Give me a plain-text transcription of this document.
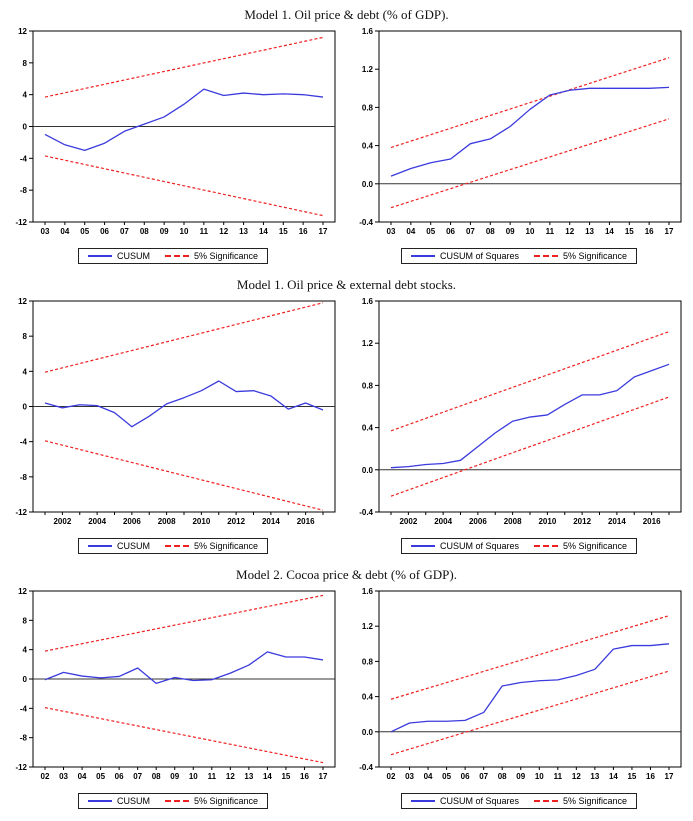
Model 1. Oil price & debt (% of GDP).
12
8
4
0
-4
-8
-12
03 04 05 06 07 08 09 10 11 12 13 14 15 16 17
CUSUM	5% Significance
1.6
1.2
0.8
0.4
0.0
-0.4
03 04 05 06 07 08 09 10 11 12 13 14 15 16 17
CUSUM of Squares	5% Significance
Model 1. Oil price & external debt stocks.
12
8
4
0
-4
-8
-12
2002 2004 2006 2008 2010 2012 2014 2016
CUSUM	5% Significance
1.6
1.2
0.8
0.4
0.0
-0.4
2002 2004 2006 2008 2010 2012 2014 2016
CUSUM of Squares	5% Significance
Model 2. Cocoa price & debt (% of GDP).
12
8
4
0
-4
-8
-12
02 03 04 05 06 07 08 09 10 11 12 13 14 15 16 17
CUSUM	5% Significance
1.6
1.2
0.8
0.4
0.0
-0.4
02 03 04 05 06 07 08 09 10 11 12 13 14 15 16 17
CUSUM of Squares	5% Significance
